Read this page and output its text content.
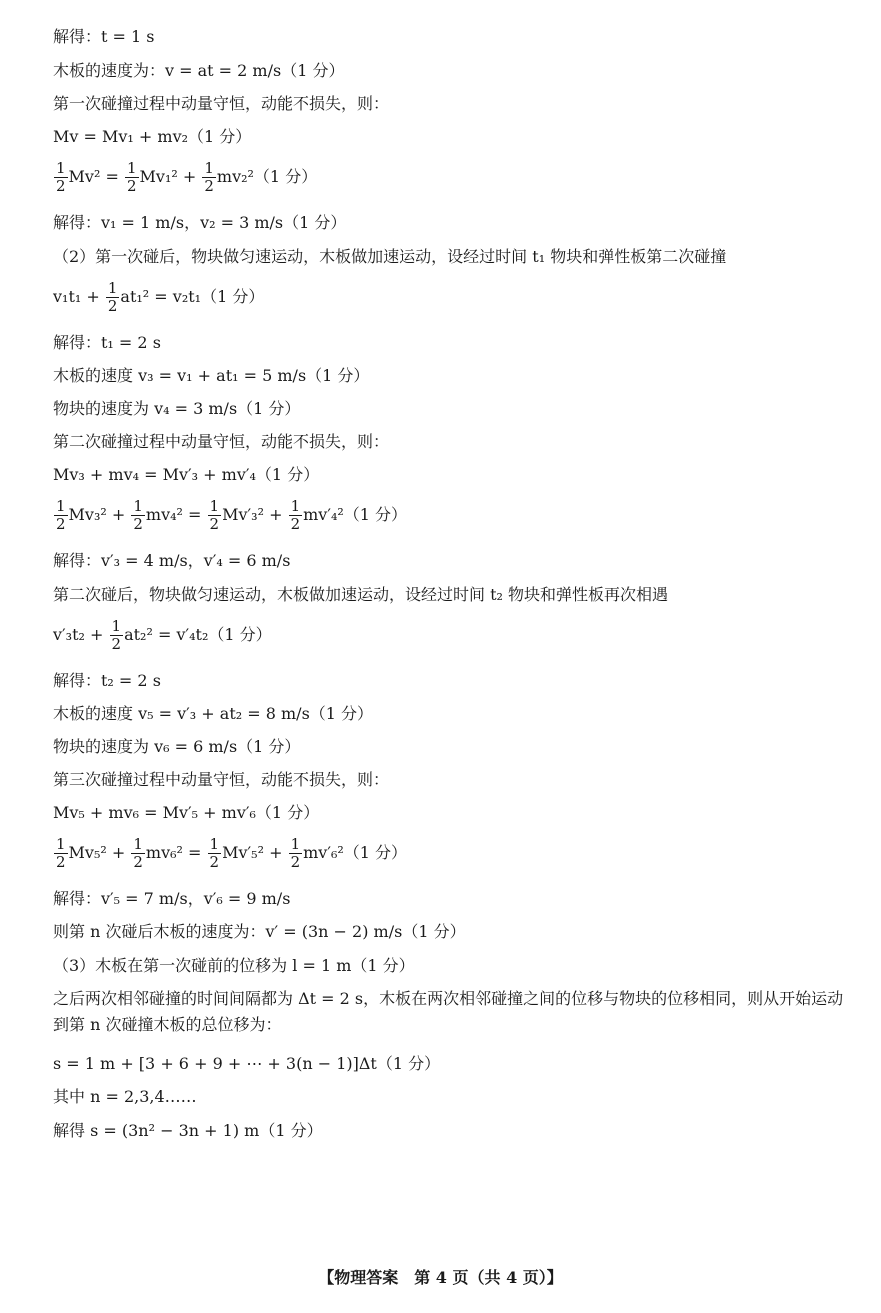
解得：t = 1 s
木板的速度为：v = at = 2 m/s（1 分）
第一次碰撞过程中动量守恒，动能不损失，则：
Mv = Mv₁ + mv₂（1 分）
$\frac{1}{2} Mv^2 = \frac{1}{2} Mv_1^2 + \frac{1}{2} mv_2^2(1$ 分）
解得：v₁ = 1 m/s，v₂ = 3 m/s（1 分）
（2）第一次碰后，物块做匀速运动，木板做加速运动，设经过时间 t₁ 物块和弹性板第二次碰撞
$v_1t_1 + \frac{1}{2} at_1^2 = v_2t_1(1$ 分）
解得：t₁ = 2 s
木板的速度 v₃ = v₁ + at₁ = 5 m/s（1 分）
物块的速度为 v₄ = 3 m/s（1 分）
第二次碰撞过程中动量守恒，动能不损失，则：
Mv₃ + mv₄ = Mv′₃ + mv′₄（1 分）
$\frac{1}{2} Mv_3^2 + \frac{1}{2} mv_4^2 = \frac{1}{2} Mv'_3^2 + \frac{1}{2} mv'_4^2(1$ 分）
解得：v′₃ = 4 m/s，v′₄ = 6 m/s
第二次碰后，物块做匀速运动，木板做加速运动，设经过时间 t₂ 物块和弹性板再次相遇
$v'_3t_2 + \frac{1}{2} at_2^2 = v'_4t_2(1$ 分）
解得：t₂ = 2 s
木板的速度 v₅ = v′₃ + at₂ = 8 m/s（1 分）
物块的速度为 v₆ = 6 m/s（1 分）
第三次碰撞过程中动量守恒，动能不损失，则：
Mv₅ + mv₆ = Mv′₅ + mv′₆（1 分）
$\frac{1}{2} Mv_5^2 + \frac{1}{2} mv_6^2 = \frac{1}{2} Mv'_5^2 + \frac{1}{2} mv'_6^2(1$ 分）
解得：v′₅ = 7 m/s，v′₆ = 9 m/s
则第 n 次碰后木板的速度为：v′ = (3n − 2) m/s（1 分）
（3）木板在第一次碰前的位移为 l = 1 m（1 分）
之后两次相邻碰撞的时间间隔都为 Δt = 2 s，木板在两次相邻碰撞之间的位移与物块的位移相同，则从开始运动到第 n 次碰撞木板的总位移为：
s = 1 m + [3 + 6 + 9 + ⋯ + 3(n − 1)]Δt（1 分）
其中 n = 2,3,4……
解得 s = (3n² − 3n + 1) m（1 分）
【物理答案　第 4 页（共 4 页）】
